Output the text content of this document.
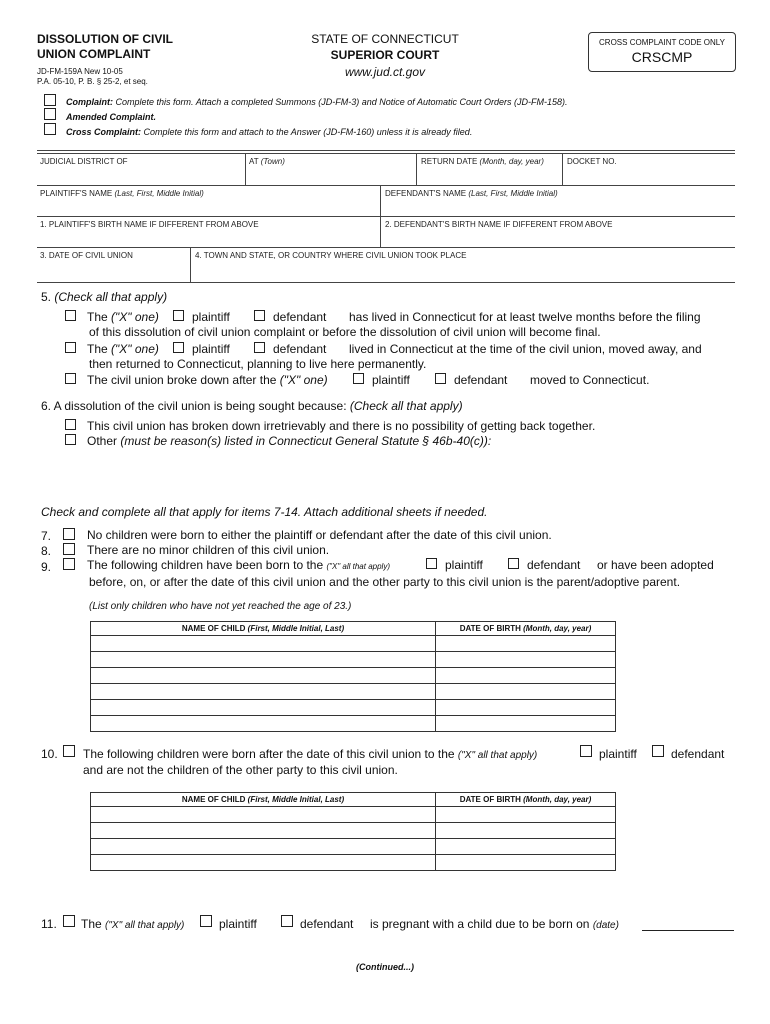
DISSOLUTION OF CIVIL
UNION COMPLAINT
JD-FM-159A New 10-05
P.A. 05-10, P. B. § 25-2, et seq.
STATE OF CONNECTICUT
SUPERIOR COURT
www.jud.ct.gov
CROSS COMPLAINT CODE ONLY
CRSCMP
Complaint: Complete this form. Attach a completed Summons (JD-FM-3) and Notice of Automatic Court Orders (JD-FM-158).
Amended Complaint.
Cross Complaint: Complete this form and attach to the Answer (JD-FM-160) unless it is already filed.
JUDICIAL DISTRICT OF	AT (Town)	RETURN DATE (Month, day, year)	DOCKET NO.
PLAINTIFF'S NAME (Last, First, Middle Initial)	DEFENDANT'S NAME (Last, First, Middle Initial)
1. PLAINTIFF'S BIRTH NAME IF DIFFERENT FROM ABOVE	2. DEFENDANT'S BIRTH NAME IF DIFFERENT FROM ABOVE
3. DATE OF CIVIL UNION	4. TOWN AND STATE, OR COUNTRY WHERE CIVIL UNION TOOK PLACE
5. (Check all that apply)
The ("X" one)	plaintiff	defendant has lived in Connecticut for at least twelve months before the filing
of this dissolution of civil union complaint or before the dissolution of civil union will become final.
The ("X" one)	plaintiff	defendant lived in Connecticut at the time of the civil union, moved away, and
then returned to Connecticut, planning to live here permanently.
The civil union broke down after the ("X" one)	plaintiff	defendant moved to Connecticut.
6. A dissolution of the civil union is being sought because: (Check all that apply)
This civil union has broken down irretrievably and there is no possibility of getting back together.
Other (must be reason(s) listed in Connecticut General Statute § 46b-40(c)):
Check and complete all that apply for items 7-14. Attach additional sheets if needed.
7.	No children were born to either the plaintiff or defendant after the date of this civil union.
8.	There are no minor children of this civil union.
9.	The following children have been born to the ("X" all that apply)	plaintiff	defendant or have been adopted
before, on, or after the date of this civil union and the other party to this civil union is the parent/adoptive parent.
(List only children who have not yet reached the age of 23.)
NAME OF CHILD (First, Middle Initial, Last)	DATE OF BIRTH (Month, day, year)

10. The following children were born after the date of this civil union to the ("X" all that apply)	plaintiff	defendant
and are not the children of the other party to this civil union.
NAME OF CHILD (First, Middle Initial, Last)	DATE OF BIRTH (Month, day, year)

11. The ("X" all that apply)	plaintiff	defendant is pregnant with a child due to be born on (date)
(Continued...)
